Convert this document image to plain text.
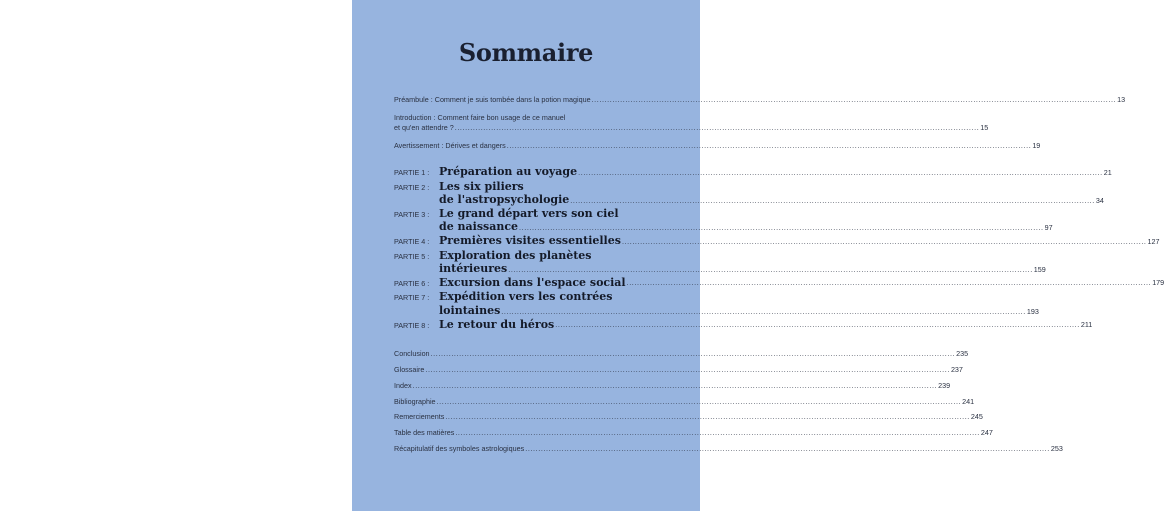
Sommaire
Préambule : Comment je suis tombée dans la potion magique .....	13
Introduction : Comment faire bon usage de ce manuel
et qu'en attendre ? .....	15
Avertissement : Dérives et dangers .....	19
PARTIE 1 : Préparation au voyage .....	21
PARTIE 2 : Les six piliers
de l'astropsychologie .....	34
PARTIE 3 : Le grand départ vers son ciel
de naissance .....	97
PARTIE 4 : Premières visites essentielles .....	127
PARTIE 5 : Exploration des planètes
intérieures .....	159
PARTIE 6 : Excursion dans l'espace social .....	179
PARTIE 7 : Expédition vers les contrées
lointaines .....	193
PARTIE 8 : Le retour du héros .....	211
Conclusion .....	235
Glossaire .....	237
Index .....	239
Bibliographie .....	241
Remerciements .....	245
Table des matières .....	247
Récapitulatif des symboles astrologiques .....	253
